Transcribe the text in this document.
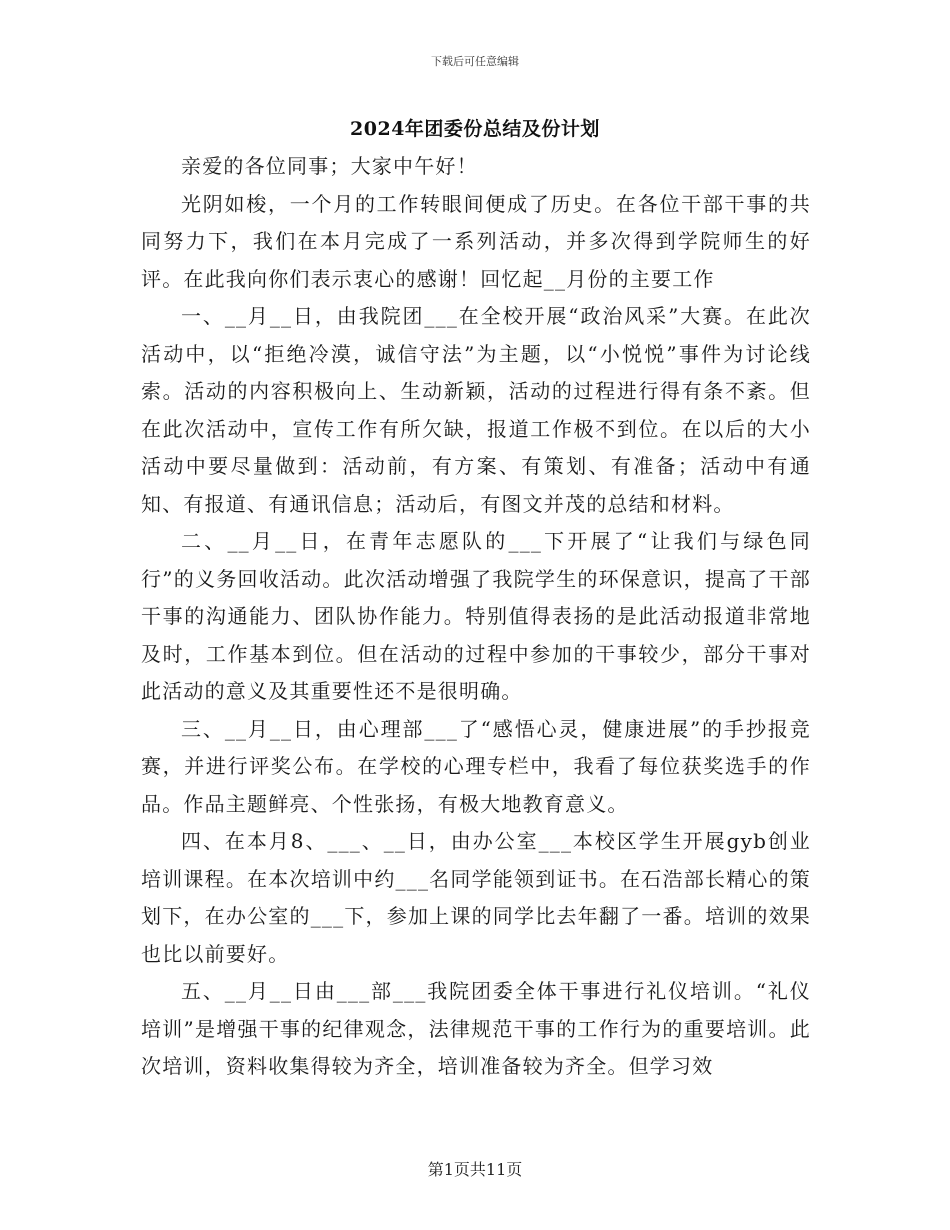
下载后可任意编辑
2024年团委份总结及份计划

亲爱的各位同事；大家中午好！

光阴如梭，一个月的工作转眼间便成了历史。在各位干部干事的共同努力下，我们在本月完成了一系列活动，并多次得到学院师生的好评。在此我向你们表示衷心的感谢！回忆起__月份的主要工作

一、__月__日，由我院团___在全校开展“政治风采”大赛。在此次活动中，以“拒绝冷漠，诚信守法”为主题，以“小悦悦”事件为讨论线索。活动的内容积极向上、生动新颖，活动的过程进行得有条不紊。但在此次活动中，宣传工作有所欠缺，报道工作极不到位。在以后的大小活动中要尽量做到：活动前，有方案、有策划、有准备；活动中有通知、有报道、有通讯信息；活动后，有图文并茂的总结和材料。

二、__月__日，在青年志愿队的___下开展了“让我们与绿色同行”的义务回收活动。此次活动增强了我院学生的环保意识，提高了干部干事的沟通能力、团队协作能力。特别值得表扬的是此活动报道非常地及时，工作基本到位。但在活动的过程中参加的干事较少，部分干事对此活动的意义及其重要性还不是很明确。

三、__月__日，由心理部___了“感悟心灵，健康进展”的手抄报竞赛，并进行评奖公布。在学校的心理专栏中，我看了每位获奖选手的作品。作品主题鲜亮、个性张扬，有极大地教育意义。

四、在本月8、___、__日，由办公室___本校区学生开展gyb创业培训课程。在本次培训中约___名同学能领到证书。在石浩部长精心的策划下，在办公室的___下，参加上课的同学比去年翻了一番。培训的效果也比以前要好。

五、__月__日由___部___我院团委全体干事进行礼仪培训。“礼仪培训”是增强干事的纪律观念，法律规范干事的工作行为的重要培训。此次培训，资料收集得较为齐全，培训准备较为齐全。但学习效

第1页共11页
